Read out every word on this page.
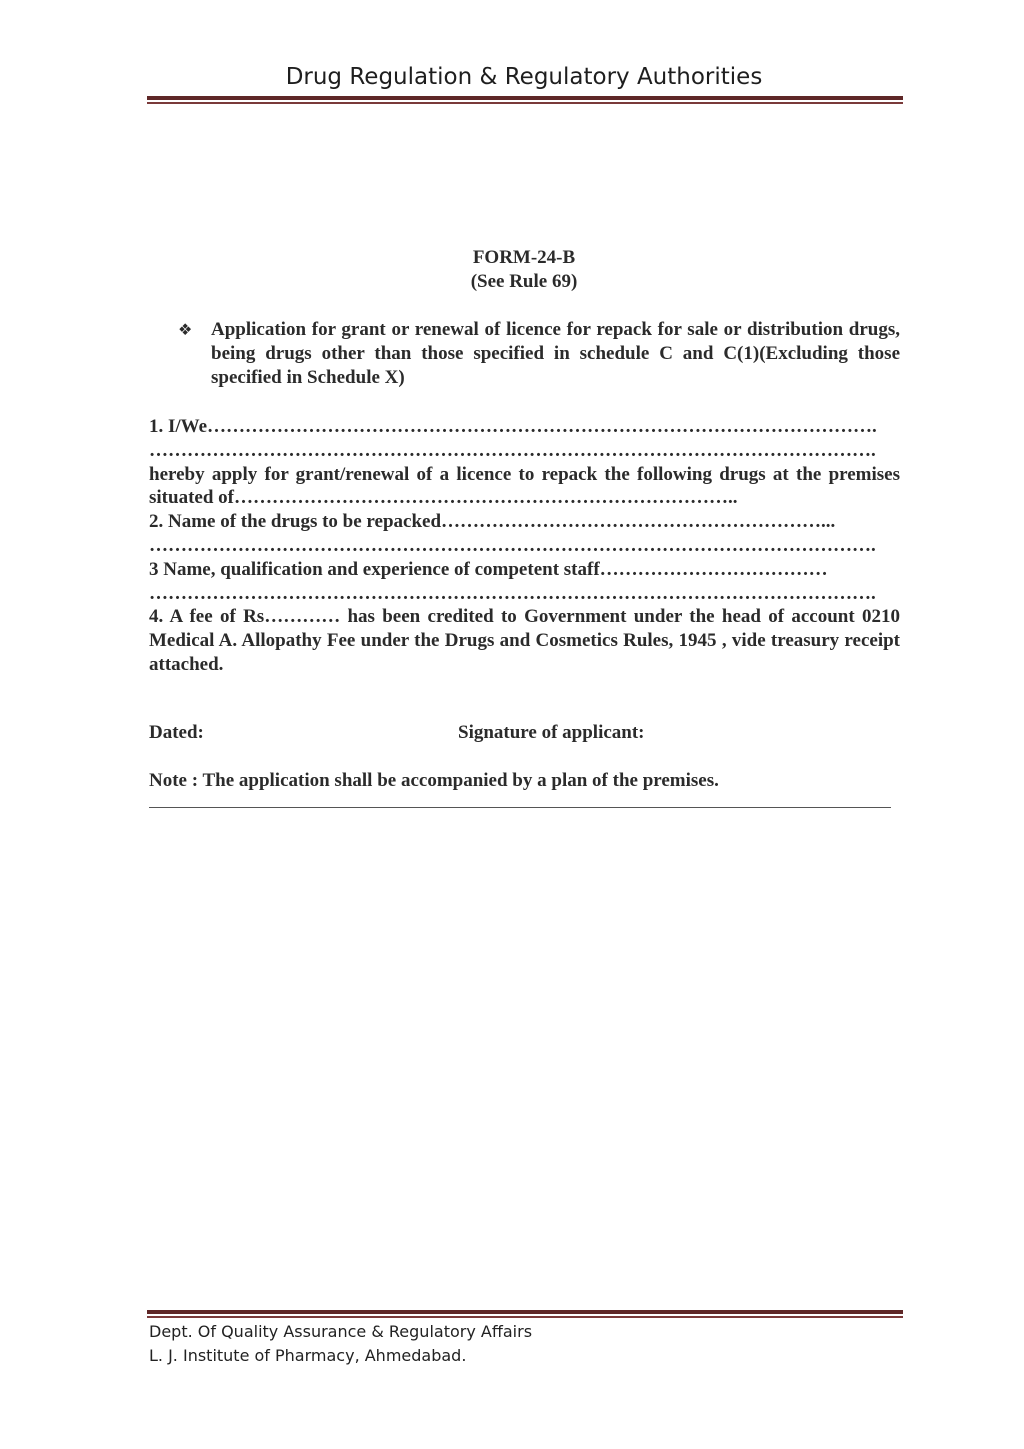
Drug Regulation & Regulatory Authorities
FORM-24-B
(See Rule 69)
❖ Application for grant or renewal of licence for repack for sale or distribution drugs, being drugs other than those specified in schedule C and C(1)(Excluding those specified in Schedule X)
1. I/We…………………………………………………………………………………………….
…………………………………………………………………………………………………….
hereby apply for grant/renewal of a licence to repack the following drugs at the premises situated of……………………………………………………………………..
2. Name of the drugs to be repacked……………………………………………………...
…………………………………………………………………………………………………….
3 Name, qualification and experience of competent staff………………………………
…………………………………………………………………………………………………….
4. A fee of Rs………… has been credited to Government under the head of account 0210 Medical A. Allopathy Fee under the Drugs and Cosmetics Rules, 1945 , vide treasury receipt attached.
Dated:	Signature of applicant:
Note : The application shall be accompanied by a plan of the premises.
Dept. Of Quality Assurance & Regulatory Affairs
L. J. Institute of Pharmacy, Ahmedabad.
